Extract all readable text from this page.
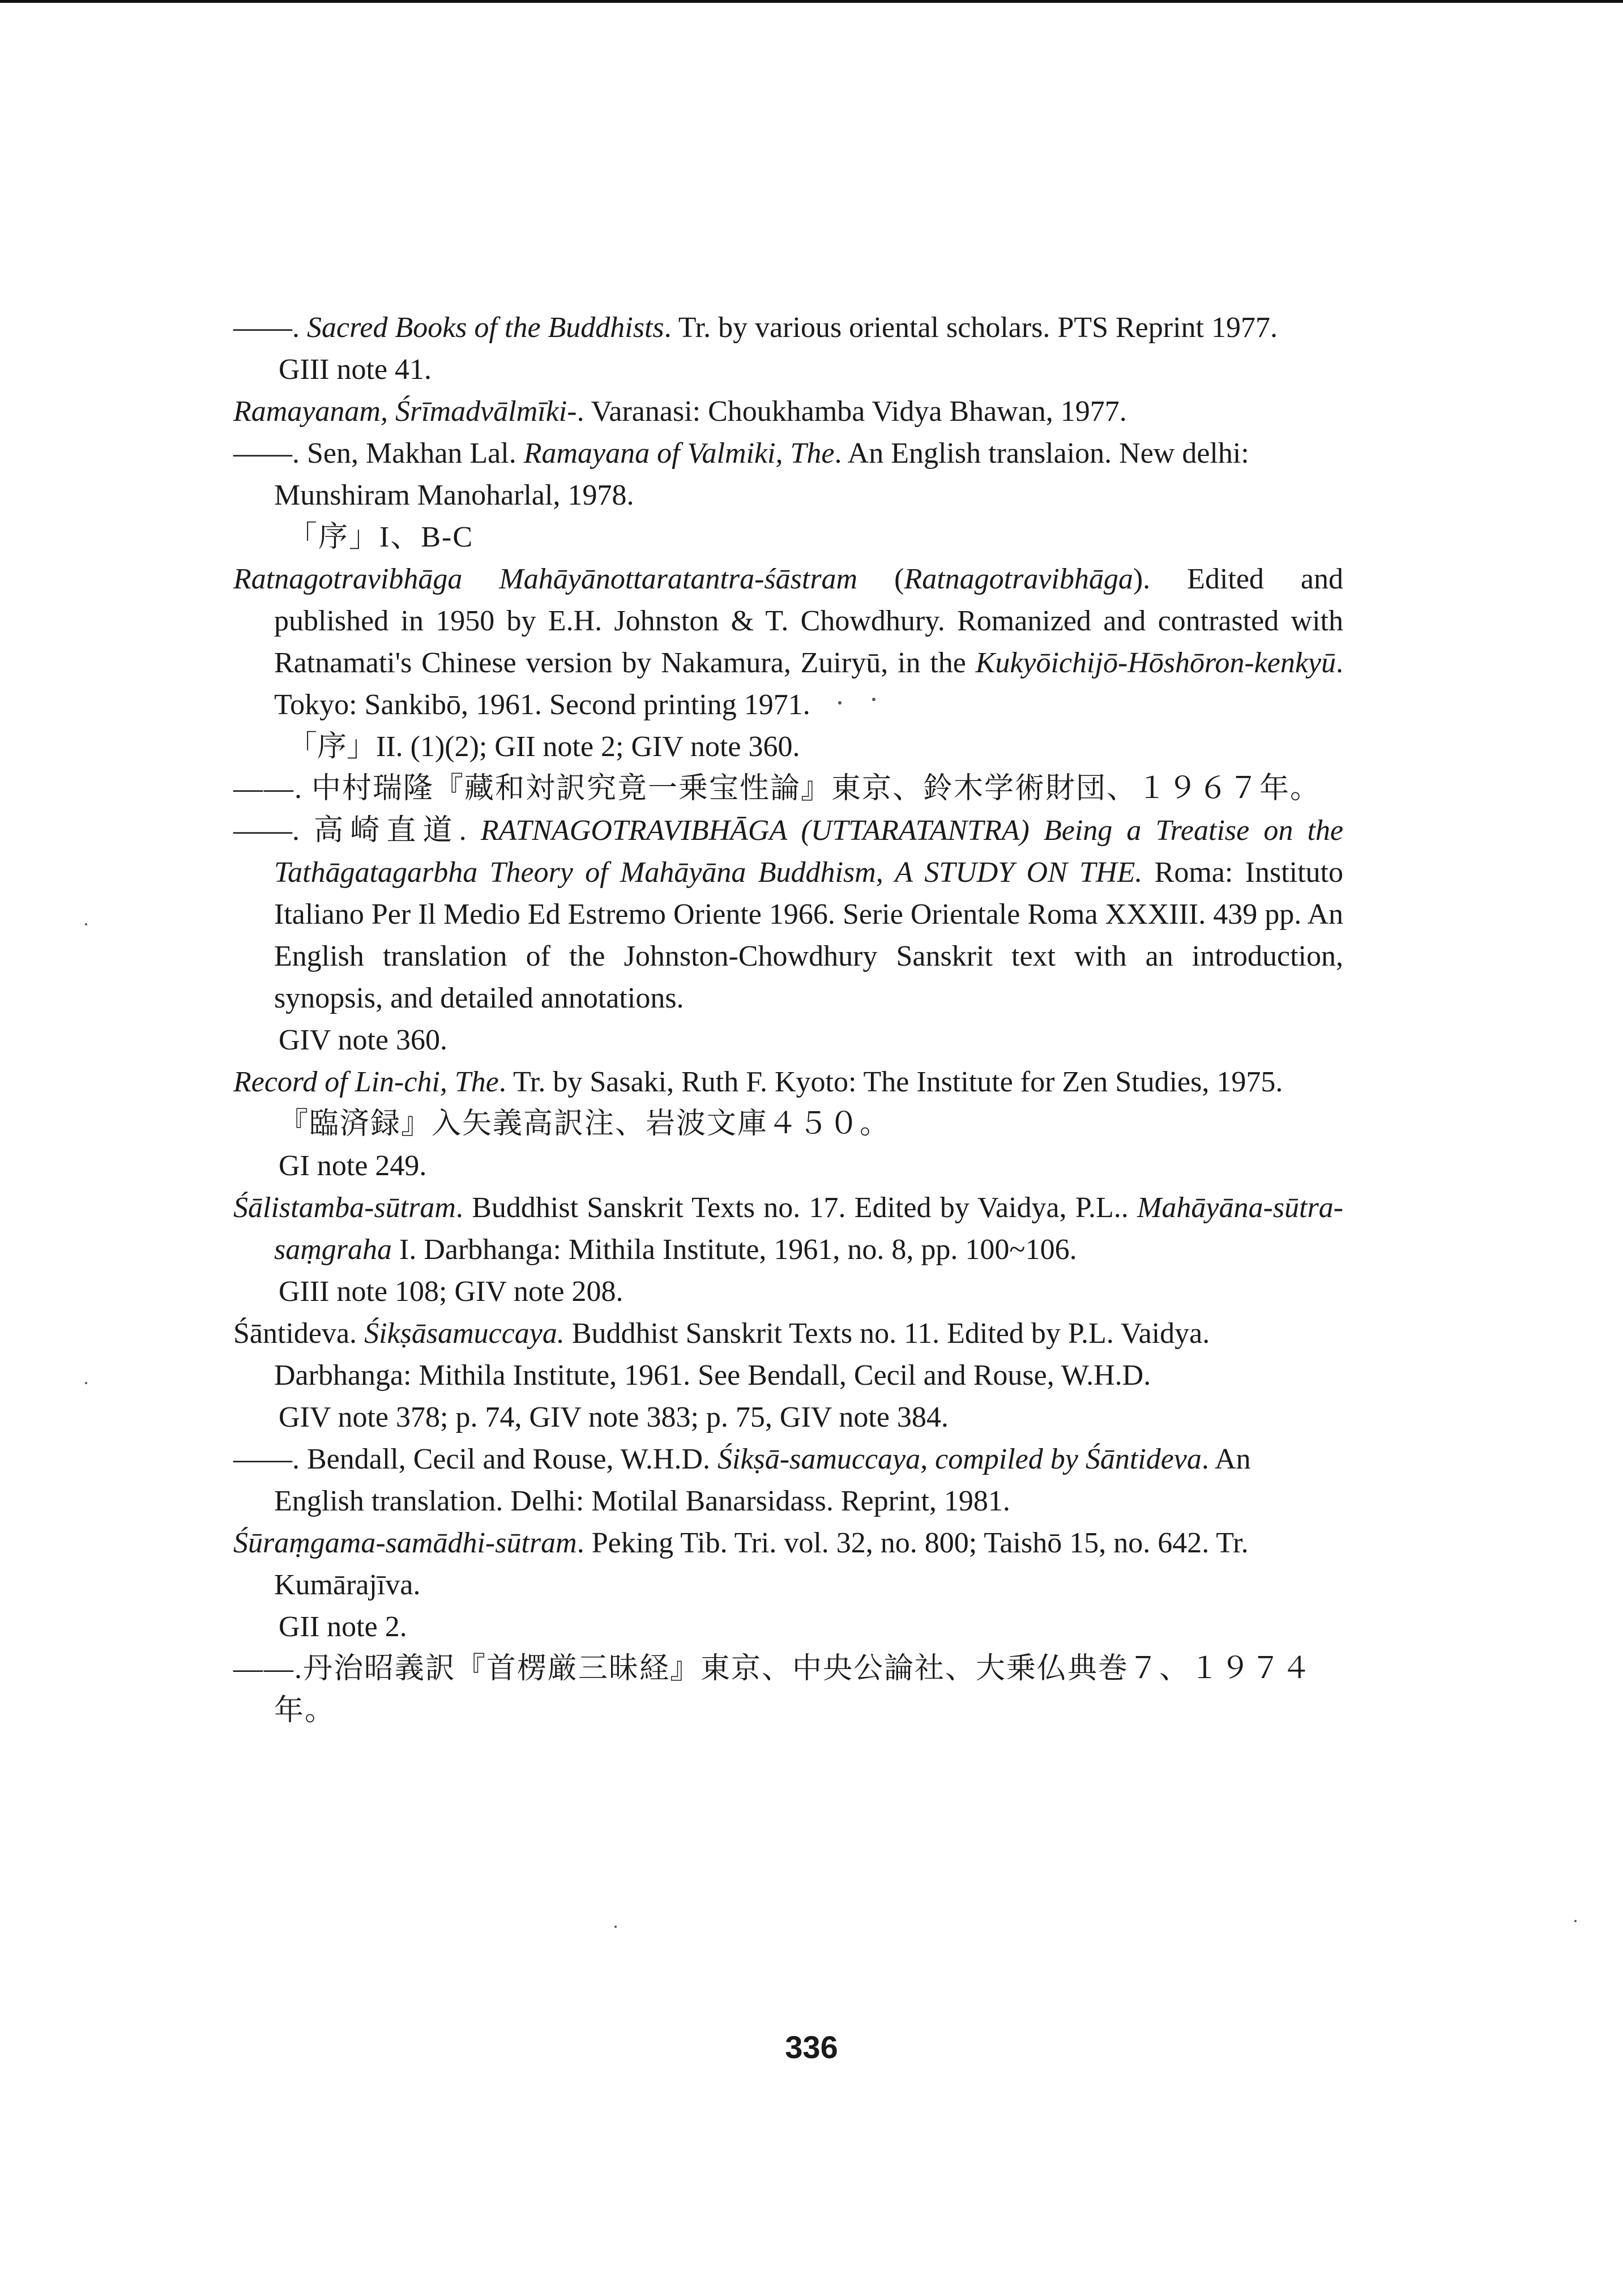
——. Sacred Books of the Buddhists. Tr. by various oriental scholars. PTS Reprint 1977.

GIII note 41.

Ramayanam, Śrīmadvālmīki-. Varanasi: Choukhamba Vidya Bhawan, 1977.

——. Sen, Makhan Lal. Ramayana of Valmiki, The. An English translaion. New delhi: Munshiram Manoharlal, 1978.

「序」I、B-C

Ratnagotravibhāga Mahāyānottaratantra-śāstram (Ratnagotravibhāga). Edited and published in 1950 by E.H. Johnston & T. Chowdhury. Romanized and contrasted with Ratnamati's Chinese version by Nakamura, Zuiryū, in the Kukyōichijō-Hōshōron-kenkyū. Tokyo: Sankibō, 1961. Second printing 1971.

「序」II. (1)(2); GII note 2; GIV note 360.

——. 中村瑞隆『藏和対訳究竟一乗宝性論』東京、鈴木学術財団、１９６７年。

——. 高崎直道. RATNAGOTRAVIBHĀGA (UTTARATANTRA) Being a Treatise on the Tathāgatagarbha Theory of Mahāyāna Buddhism, A STUDY ON THE. Roma: Instituto Italiano Per Il Medio Ed Estremo Oriente 1966. Serie Orientale Roma XXXIII. 439 pp. An English translation of the Johnston-Chowdhury Sanskrit text with an introduction, synopsis, and detailed annotations.

GIV note 360.

Record of Lin-chi, The. Tr. by Sasaki, Ruth F. Kyoto: The Institute for Zen Studies, 1975.

『臨済録』入矢義高訳注、岩波文庫４５０。

GI note 249.

Śālistamba-sūtram. Buddhist Sanskrit Texts no. 17. Edited by Vaidya, P.L.. Mahāyāna-sūtra-saṃgraha I. Darbhanga: Mithila Institute, 1961, no. 8, pp. 100~106.

GIII note 108; GIV note 208.

Śāntideva. Śikṣāsamuccaya. Buddhist Sanskrit Texts no. 11. Edited by P.L. Vaidya. Darbhanga: Mithila Institute, 1961. See Bendall, Cecil and Rouse, W.H.D.

GIV note 378; p. 74, GIV note 383; p. 75, GIV note 384.

——. Bendall, Cecil and Rouse, W.H.D. Śikṣā-samuccaya, compiled by Śāntideva. An English translation. Delhi: Motilal Banarsidass. Reprint, 1981.

Śūraṃgama-samādhi-sūtram. Peking Tib. Tri. vol. 32, no. 800; Taishō 15, no. 642. Tr. Kumārajīva.

GII note 2.

——.丹治昭義訳『首楞厳三昧経』東京、中央公論社、大乗仏典巻７、１９７４年。

336
